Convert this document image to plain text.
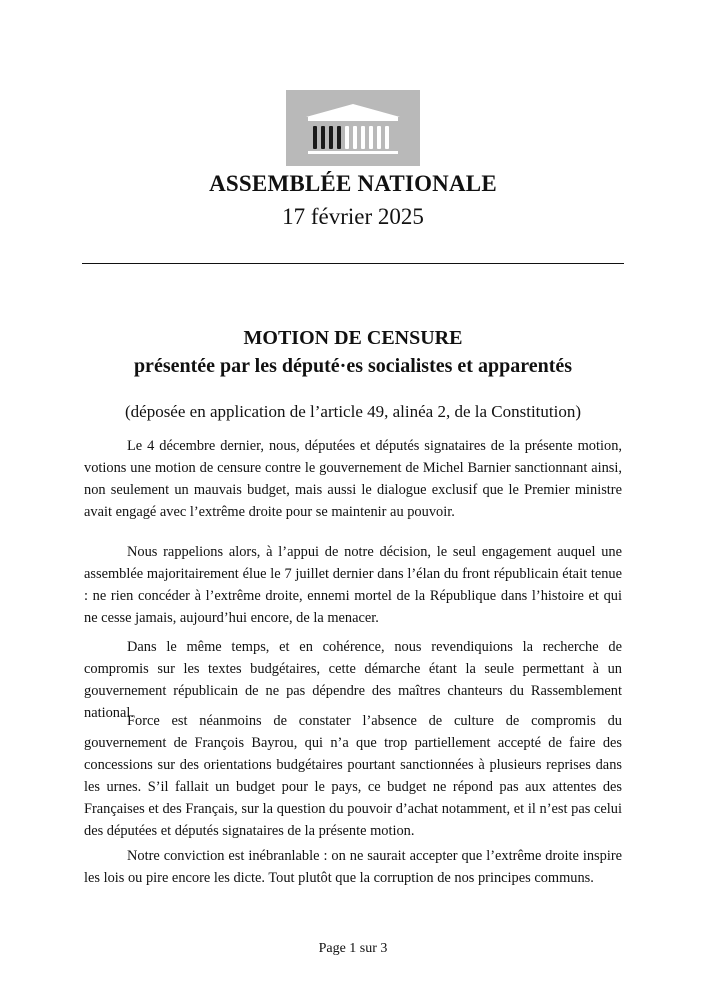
ASSEMBLÉE NATIONALE
17 février 2025
MOTION DE CENSURE
présentée par les député·es socialistes et apparentés
(déposée en application de l’article 49, alinéa 2, de la Constitution)

Le 4 décembre dernier, nous, députées et députés signataires de la présente motion, votions une motion de censure contre le gouvernement de Michel Barnier sanctionnant ainsi, non seulement un mauvais budget, mais aussi le dialogue exclusif que le Premier ministre avait engagé avec l’extrême droite pour se maintenir au pouvoir.

Nous rappelions alors, à l’appui de notre décision, le seul engagement auquel une assemblée majoritairement élue le 7 juillet dernier dans l’élan du front républicain était tenue : ne rien concéder à l’extrême droite, ennemi mortel de la République dans l’histoire et qui ne cesse jamais, aujourd’hui encore, de la menacer.

Dans le même temps, et en cohérence, nous revendiquions la recherche de compromis sur les textes budgétaires, cette démarche étant la seule permettant à un gouvernement républicain de ne pas dépendre des maîtres chanteurs du Rassemblement national.

Force est néanmoins de constater l’absence de culture de compromis du gouvernement de François Bayrou, qui n’a que trop partiellement accepté de faire des concessions sur des orientations budgétaires pourtant sanctionnées à plusieurs reprises dans les urnes. S’il fallait un budget pour le pays, ce budget ne répond pas aux attentes des Françaises et des Français, sur la question du pouvoir d’achat notamment, et il n’est pas celui des députées et députés signataires de la présente motion.

Notre conviction est inébranlable : on ne saurait accepter que l’extrême droite inspire les lois ou pire encore les dicte. Tout plutôt que la corruption de nos principes communs.

Page 1 sur 3
